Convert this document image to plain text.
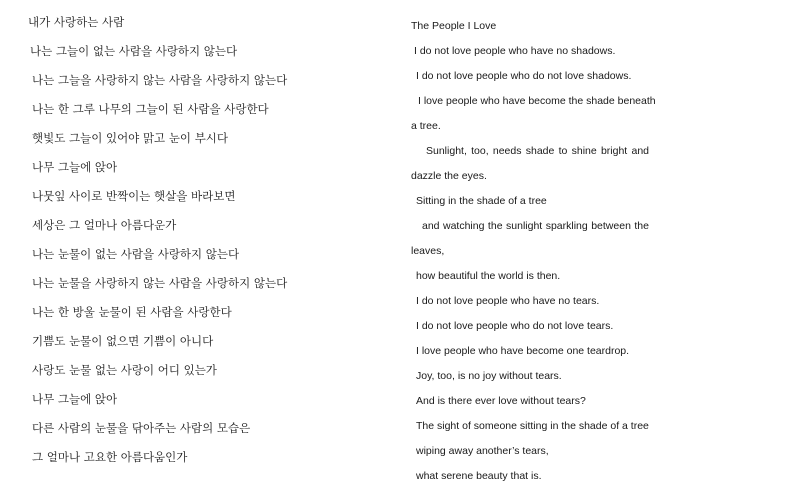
내가 사랑하는 사람

나는 그늘이 없는 사람을 사랑하지 않는다

나는 그늘을 사랑하지 않는 사람을 사랑하지 않는다

나는 한 그루 나무의 그늘이 된 사람을 사랑한다

햇빛도 그늘이 있어야 맑고 눈이 부시다

나무 그늘에 앉아

나뭇잎 사이로 반짝이는 햇살을 바라보면

세상은 그 얼마나 아름다운가

나는 눈물이 없는 사람을 사랑하지 않는다

나는 눈물을 사랑하지 않는 사람을 사랑하지 않는다

나는 한 방울 눈물이 된 사람을 사랑한다

기쁨도 눈물이 없으면 기쁨이 아니다

사랑도 눈물 없는 사랑이 어디 있는가

나무 그늘에 앉아

다른 사람의 눈물을 닦아주는 사람의 모습은

그 얼마나 고요한 아름다움인가

The People I Love

I do not love people who have no shadows.

I do not love people who do not love shadows.

I love people who have become the shade beneath

a tree.

Sunlight, too, needs shade to shine bright and

dazzle the eyes.

Sitting in the shade of a tree

and watching the sunlight sparkling between the

leaves,

how beautiful the world is then.

I do not love people who have no tears.

I do not love people who do not love tears.

I love people who have become one teardrop.

Joy, too, is no joy without tears.

And is there ever love without tears?

The sight of someone sitting in the shade of a tree

wiping away another’s tears,

what serene beauty that is.
